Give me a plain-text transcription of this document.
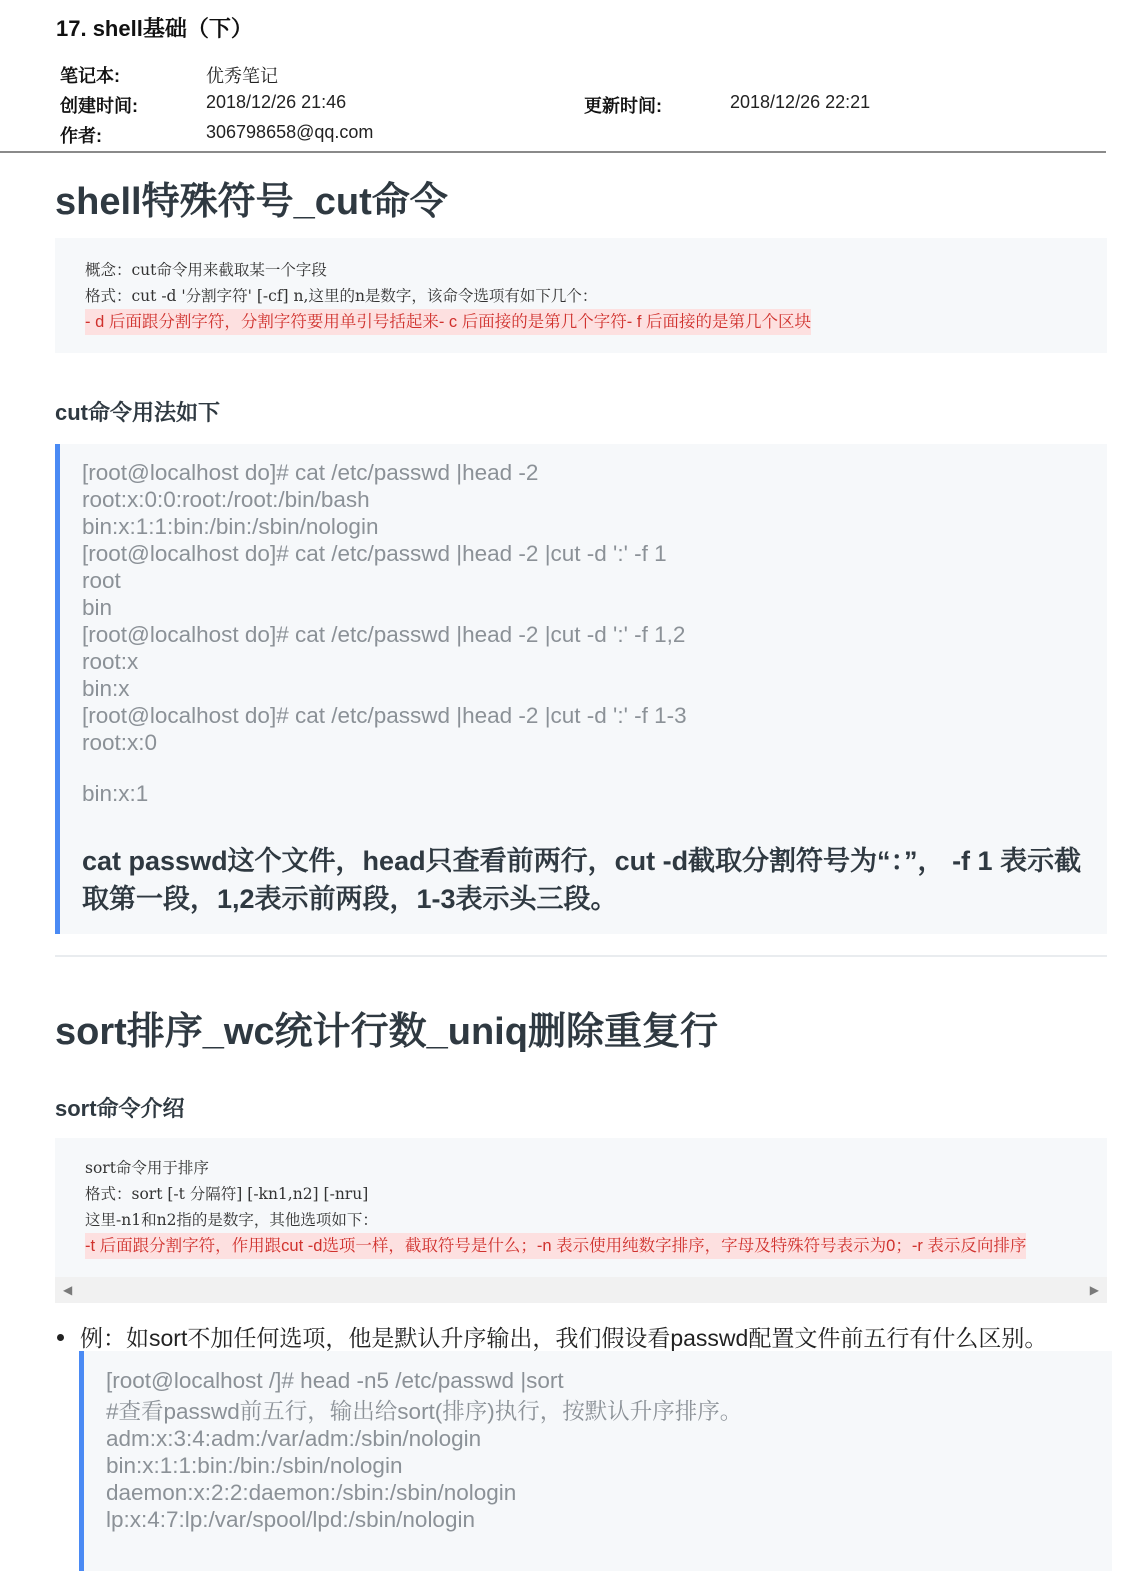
17. shell基础（下）
笔记本:	优秀笔记
创建时间:	2018/12/26 21:46	更新时间:	2018/12/26 22:21
作者:	306798658@qq.com
shell特殊符号_cut命令
概念：cut命令用来截取某一个字段
格式：cut -d '分割字符' [-cf] n,这里的n是数字，该命令选项有如下几个：
- d 后面跟分割字符，分割字符要用单引号括起来- c 后面接的是第几个字符- f 后面接的是第几个区块
cut命令用法如下
[root@localhost do]# cat /etc/passwd |head -2
root:x:0:0:root:/root:/bin/bash
bin:x:1:1:bin:/bin:/sbin/nologin
[root@localhost do]# cat /etc/passwd |head -2 |cut -d ':' -f 1
root
bin
[root@localhost do]# cat /etc/passwd |head -2 |cut -d ':' -f 1,2
root:x
bin:x
[root@localhost do]# cat /etc/passwd |head -2 |cut -d ':' -f 1-3
root:x:0
bin:x:1
cat passwd这个文件，head只查看前两行，cut -d截取分割符号为“：”， -f 1 表示截取第一段，1,2表示前两段，1-3表示头三段。
sort排序_wc统计行数_uniq删除重复行
sort命令介绍
sort命令用于排序
格式：sort [-t 分隔符] [-kn1,n2] [-nru]
这里-n1和n2指的是数字，其他选项如下：
-t 后面跟分割字符，作用跟cut -d选项一样，截取符号是什么；-n 表示使用纯数字排序，字母及特殊符号表示为0；-r 表示反向排序
◀	▶
例：如sort不加任何选项，他是默认升序输出，我们假设看passwd配置文件前五行有什么区别。
[root@localhost /]# head -n5 /etc/passwd |sort
#查看passwd前五行，输出给sort(排序)执行，按默认升序排序。
adm:x:3:4:adm:/var/adm:/sbin/nologin
bin:x:1:1:bin:/bin:/sbin/nologin
daemon:x:2:2:daemon:/sbin:/sbin/nologin
lp:x:4:7:lp:/var/spool/lpd:/sbin/nologin
